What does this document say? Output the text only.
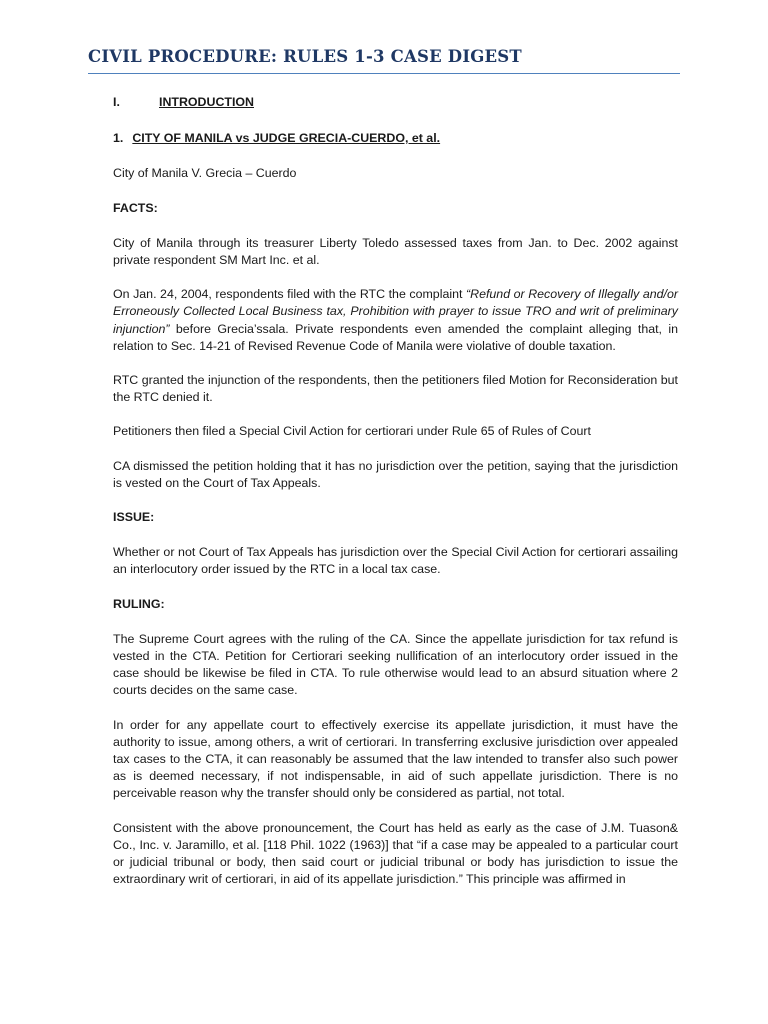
CIVIL PROCEDURE: RULES 1-3 CASE DIGEST
I.	INTRODUCTION
1. CITY OF MANILA vs JUDGE GRECIA-CUERDO, et al.
City of Manila V. Grecia – Cuerdo
FACTS:

City of Manila through its treasurer Liberty Toledo assessed taxes from Jan. to Dec. 2002 against private respondent SM Mart Inc. et al.

On Jan. 24, 2004, respondents filed with the RTC the complaint “Refund or Recovery of Illegally and/or Erroneously Collected Local Business tax, Prohibition with prayer to issue TRO and writ of preliminary injunction” before Grecia’ssala. Private respondents even amended the complaint alleging that, in relation to Sec. 14-21 of Revised Revenue Code of Manila were violative of double taxation.

RTC granted the injunction of the respondents, then the petitioners filed Motion for Reconsideration but the RTC denied it.

Petitioners then filed a Special Civil Action for certiorari under Rule 65 of Rules of Court

CA dismissed the petition holding that it has no jurisdiction over the petition, saying that the jurisdiction is vested on the Court of Tax Appeals.

ISSUE:

Whether or not Court of Tax Appeals has jurisdiction over the Special Civil Action for certiorari assailing an interlocutory order issued by the RTC in a local tax case.

RULING:

The Supreme Court agrees with the ruling of the CA. Since the appellate jurisdiction for tax refund is vested in the CTA. Petition for Certiorari seeking nullification of an interlocutory order issued in the case should be likewise be filed in CTA. To rule otherwise would lead to an absurd situation where 2 courts decides on the same case.

In order for any appellate court to effectively exercise its appellate jurisdiction, it must have the authority to issue, among others, a writ of certiorari. In transferring exclusive jurisdiction over appealed tax cases to the CTA, it can reasonably be assumed that the law intended to transfer also such power as is deemed necessary, if not indispensable, in aid of such appellate jurisdiction. There is no perceivable reason why the transfer should only be considered as partial, not total.

Consistent with the above pronouncement, the Court has held as early as the case of J.M. Tuason& Co., Inc. v. Jaramillo, et al. [118 Phil. 1022 (1963)] that “if a case may be appealed to a particular court or judicial tribunal or body, then said court or judicial tribunal or body has jurisdiction to issue the extraordinary writ of certiorari, in aid of its appellate jurisdiction.” This principle was affirmed in
